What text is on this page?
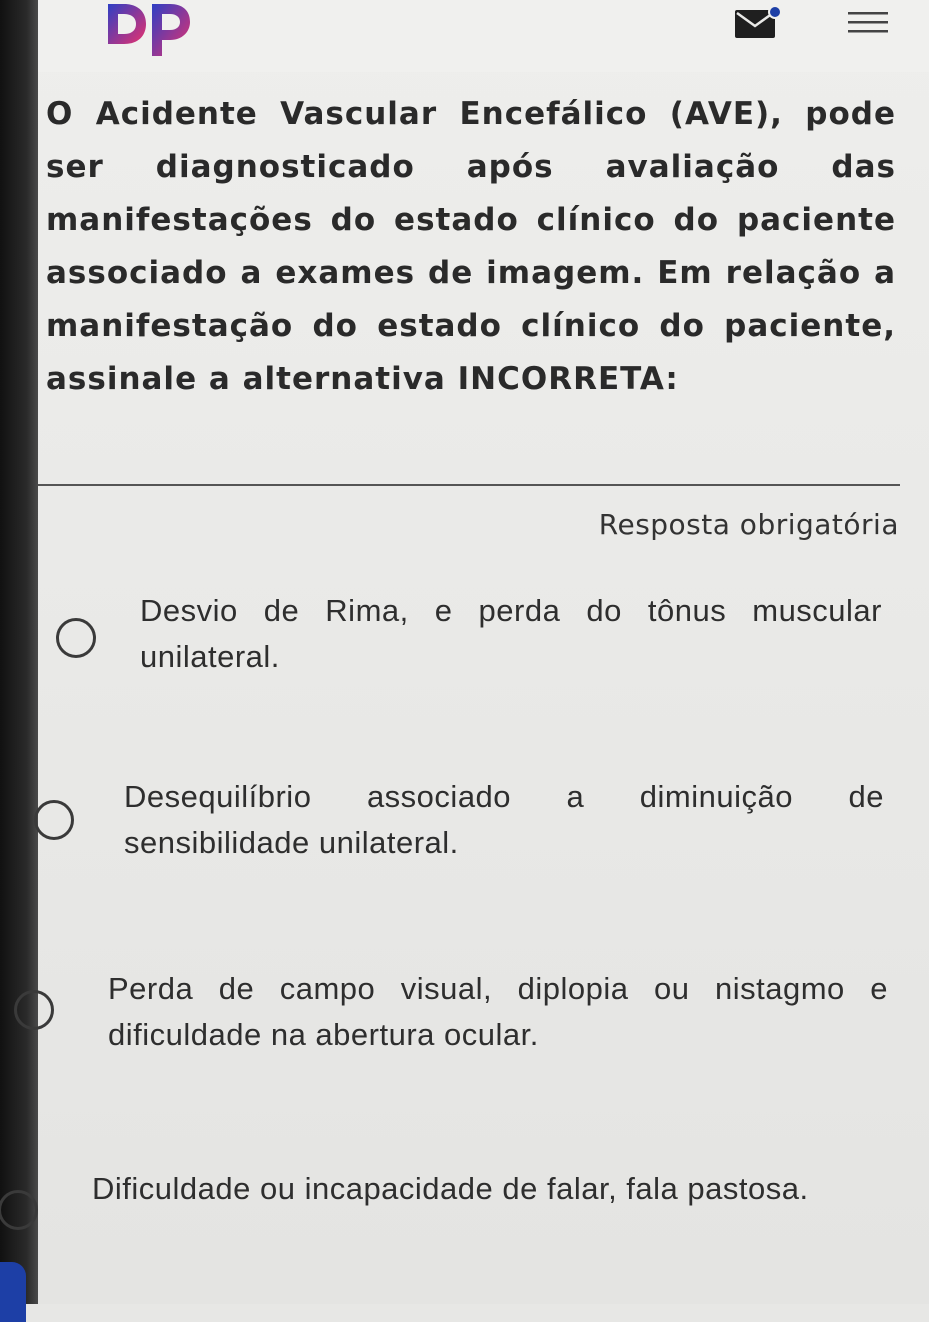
O Acidente Vascular Encefálico (AVE), pode ser diagnosticado após avaliação das manifestações do estado clínico do paciente associado a exames de imagem. Em relação a manifestação do estado clínico do paciente, assinale a alternativa INCORRETA:
Resposta obrigatória
Desvio de Rima, e perda do tônus muscular unilateral.
Desequilíbrio associado a diminuição de sensibilidade unilateral.
Perda de campo visual, diplopia ou nistagmo e dificuldade na abertura ocular.
Dificuldade ou incapacidade de falar, fala pastosa.
